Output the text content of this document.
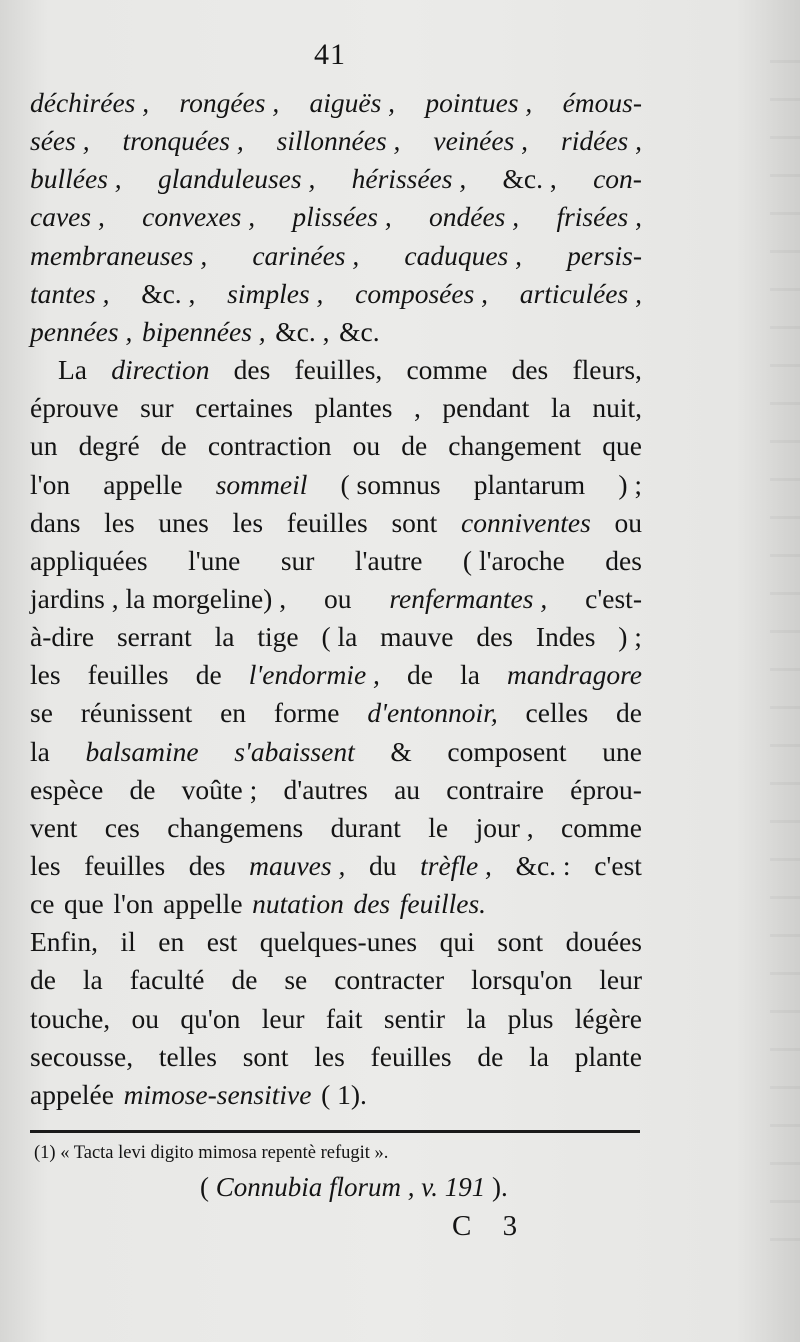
41
déchirées , rongées , aiguës , pointues , émous-
sées , tronquées , sillonnées , veinées , ridées ,
bullées , glanduleuses , hérissées , &c. , con-
caves , convexes , plissées , ondées , frisées ,
membraneuses , carinées , caduques , persis-
tantes , &c. , simples , composées , articulées ,
pennées , bipennées , &c. , &c.
La direction des feuilles, comme des fleurs,
éprouve sur certaines plantes , pendant la nuit,
un degré de contraction ou de changement que
l'on appelle sommeil ( somnus plantarum ) ;
dans les unes les feuilles sont conniventes ou
appliquées l'une sur l'autre ( l'aroche des
jardins , la morgeline) , ou renfermantes , c'est-
à-dire serrant la tige ( la mauve des Indes ) ;
les feuilles de l'endormie , de la mandragore
se réunissent en forme d'entonnoir, celles de
la balsamine s'abaissent & composent une
espèce de voûte ; d'autres au contraire éprou-
vent ces changemens durant le jour , comme
les feuilles des mauves , du trèfle , &c. : c'est
ce que l'on appelle nutation des feuilles.
Enfin, il en est quelques-unes qui sont douées
de la faculté de se contracter lorsqu'on leur
touche, ou qu'on leur fait sentir la plus légère
secousse, telles sont les feuilles de la plante
appelée mimose-sensitive ( 1).
(1) « Tacta levi digito mimosa repentè refugit ».
( Connubia florum , v. 191 ).
C 3
